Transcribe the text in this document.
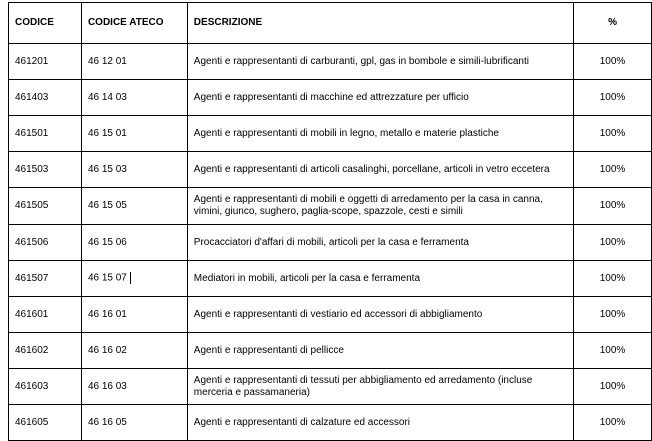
CODICE	CODICE ATECO	DESCRIZIONE	%
461201	46 12 01	Agenti e rappresentanti di carburanti, gpl, gas in bombole e simili-lubrificanti	100%
461403	46 14 03	Agenti e rappresentanti di macchine ed attrezzature per ufficio	100%
461501	46 15 01	Agenti e rappresentanti di mobili in legno, metallo e materie plastiche	100%
461503	46 15 03	Agenti e rappresentanti di articoli casalinghi, porcellane, articoli in vetro eccetera	100%
461505	46 15 05	Agenti e rappresentanti di mobili e oggetti di arredamento per la casa in canna, vimini, giunco, sughero, paglia-scope, spazzole, cesti e simili	100%
461506	46 15 06	Procacciatori d'affari di mobili, articoli per la casa e ferramenta	100%
461507	46 15 07	Mediatori in mobili, articoli per la casa e ferramenta	100%
461601	46 16 01	Agenti e rappresentanti di vestiario ed accessori di abbigliamento	100%
461602	46 16 02	Agenti e rappresentanti di pellicce	100%
461603	46 16 03	Agenti e rappresentanti di tessuti per abbigliamento ed arredamento (incluse merceria e passamaneria)	100%
461605	46 16 05	Agenti e rappresentanti di calzature ed accessori	100%
